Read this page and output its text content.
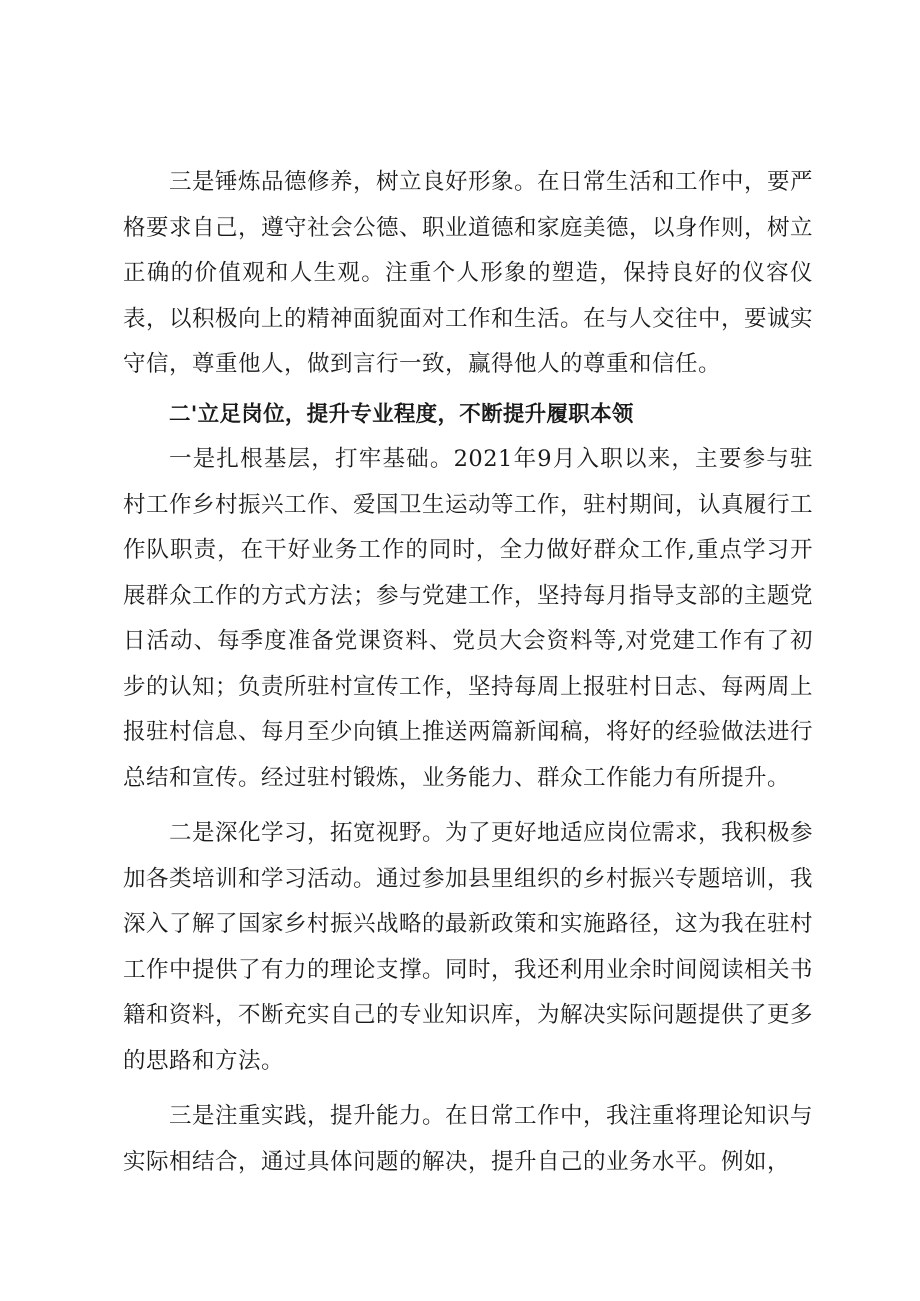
三是锤炼品德修养，树立良好形象。在日常生活和工作中，要严格要求自己，遵守社会公德、职业道德和家庭美德，以身作则，树立正确的价值观和人生观。注重个人形象的塑造，保持良好的仪容仪表，以积极向上的精神面貌面对工作和生活。在与人交往中，要诚实守信，尊重他人，做到言行一致，赢得他人的尊重和信任。

二'立足岗位，提升专业程度，不断提升履职本领

一是扎根基层，打牢基础。2021年9月入职以来，主要参与驻村工作乡村振兴工作、爱国卫生运动等工作，驻村期间，认真履行工作队职责，在干好业务工作的同时，全力做好群众工作,重点学习开展群众工作的方式方法；参与党建工作，坚持每月指导支部的主题党日活动、每季度准备党课资料、党员大会资料等,对党建工作有了初步的认知；负责所驻村宣传工作，坚持每周上报驻村日志、每两周上报驻村信息、每月至少向镇上推送两篇新闻稿，将好的经验做法进行总结和宣传。经过驻村锻炼，业务能力、群众工作能力有所提升。

二是深化学习，拓宽视野。为了更好地适应岗位需求，我积极参加各类培训和学习活动。通过参加县里组织的乡村振兴专题培训，我深入了解了国家乡村振兴战略的最新政策和实施路径，这为我在驻村工作中提供了有力的理论支撑。同时，我还利用业余时间阅读相关书籍和资料，不断充实自己的专业知识库，为解决实际问题提供了更多的思路和方法。

三是注重实践，提升能力。在日常工作中，我注重将理论知识与实际相结合，通过具体问题的解决，提升自己的业务水平。例如，
